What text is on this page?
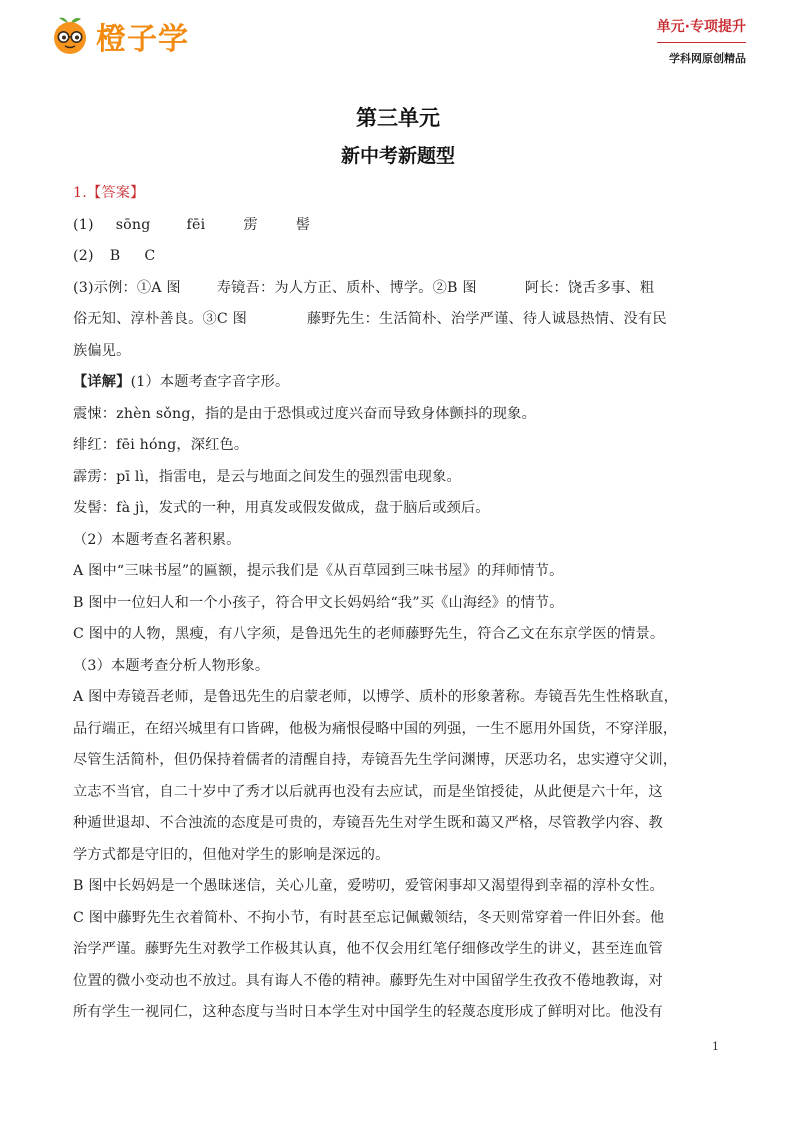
橙子学	单元·专项提升
学科网原创精品
第三单元
新中考新题型

1.【答案】

(1) sōng	fēi	雳	髻

(2) B C

(3)示例：①A 图	寿镜吾：为人方正、质朴、博学。②B 图	阿长：饶舌多事、粗

俗无知、淳朴善良。③C 图	藤野先生：生活简朴、治学严谨、待人诚恳热情、没有民

族偏见。

【详解】(1）本题考查字音字形。

震悚：zhèn sǒng，指的是由于恐惧或过度兴奋而导致身体颤抖的现象。

绯红：fēi hóng，深红色。

霹雳：pī lì，指雷电，是云与地面之间发生的强烈雷电现象。

发髻：fà jì，发式的一种，用真发或假发做成，盘于脑后或颈后。

（2）本题考查名著积累。

A 图中“三味书屋”的匾额，提示我们是《从百草园到三味书屋》的拜师情节。

B 图中一位妇人和一个小孩子，符合甲文长妈妈给“我”买《山海经》的情节。

C 图中的人物，黑瘦，有八字须，是鲁迅先生的老师藤野先生，符合乙文在东京学医的情景。

（3）本题考查分析人物形象。

A 图中寿镜吾老师，是鲁迅先生的启蒙老师，以博学、质朴的形象著称。寿镜吾先生性格耿直，

品行端正，在绍兴城里有口皆碑，他极为痛恨侵略中国的列强，一生不愿用外国货，不穿洋服，

尽管生活简朴，但仍保持着儒者的清醒自持，寿镜吾先生学问渊博，厌恶功名，忠实遵守父训，

立志不当官，自二十岁中了秀才以后就再也没有去应试，而是坐馆授徒，从此便是六十年，这

种遁世退却、不合浊流的态度是可贵的，寿镜吾先生对学生既和蔼又严格，尽管教学内容、教

学方式都是守旧的，但他对学生的影响是深远的。

B 图中长妈妈是一个愚昧迷信，关心儿童，爱唠叨，爱管闲事却又渴望得到幸福的淳朴女性。

C 图中藤野先生衣着简朴、不拘小节，有时甚至忘记佩戴领结，冬天则常穿着一件旧外套。他

治学严谨。藤野先生对教学工作极其认真，他不仅会用红笔仔细修改学生的讲义，甚至连血管

位置的微小变动也不放过。具有诲人不倦的精神。藤野先生对中国留学生孜孜不倦地教诲，对

所有学生一视同仁，这种态度与当时日本学生对中国学生的轻蔑态度形成了鲜明对比。他没有

1
